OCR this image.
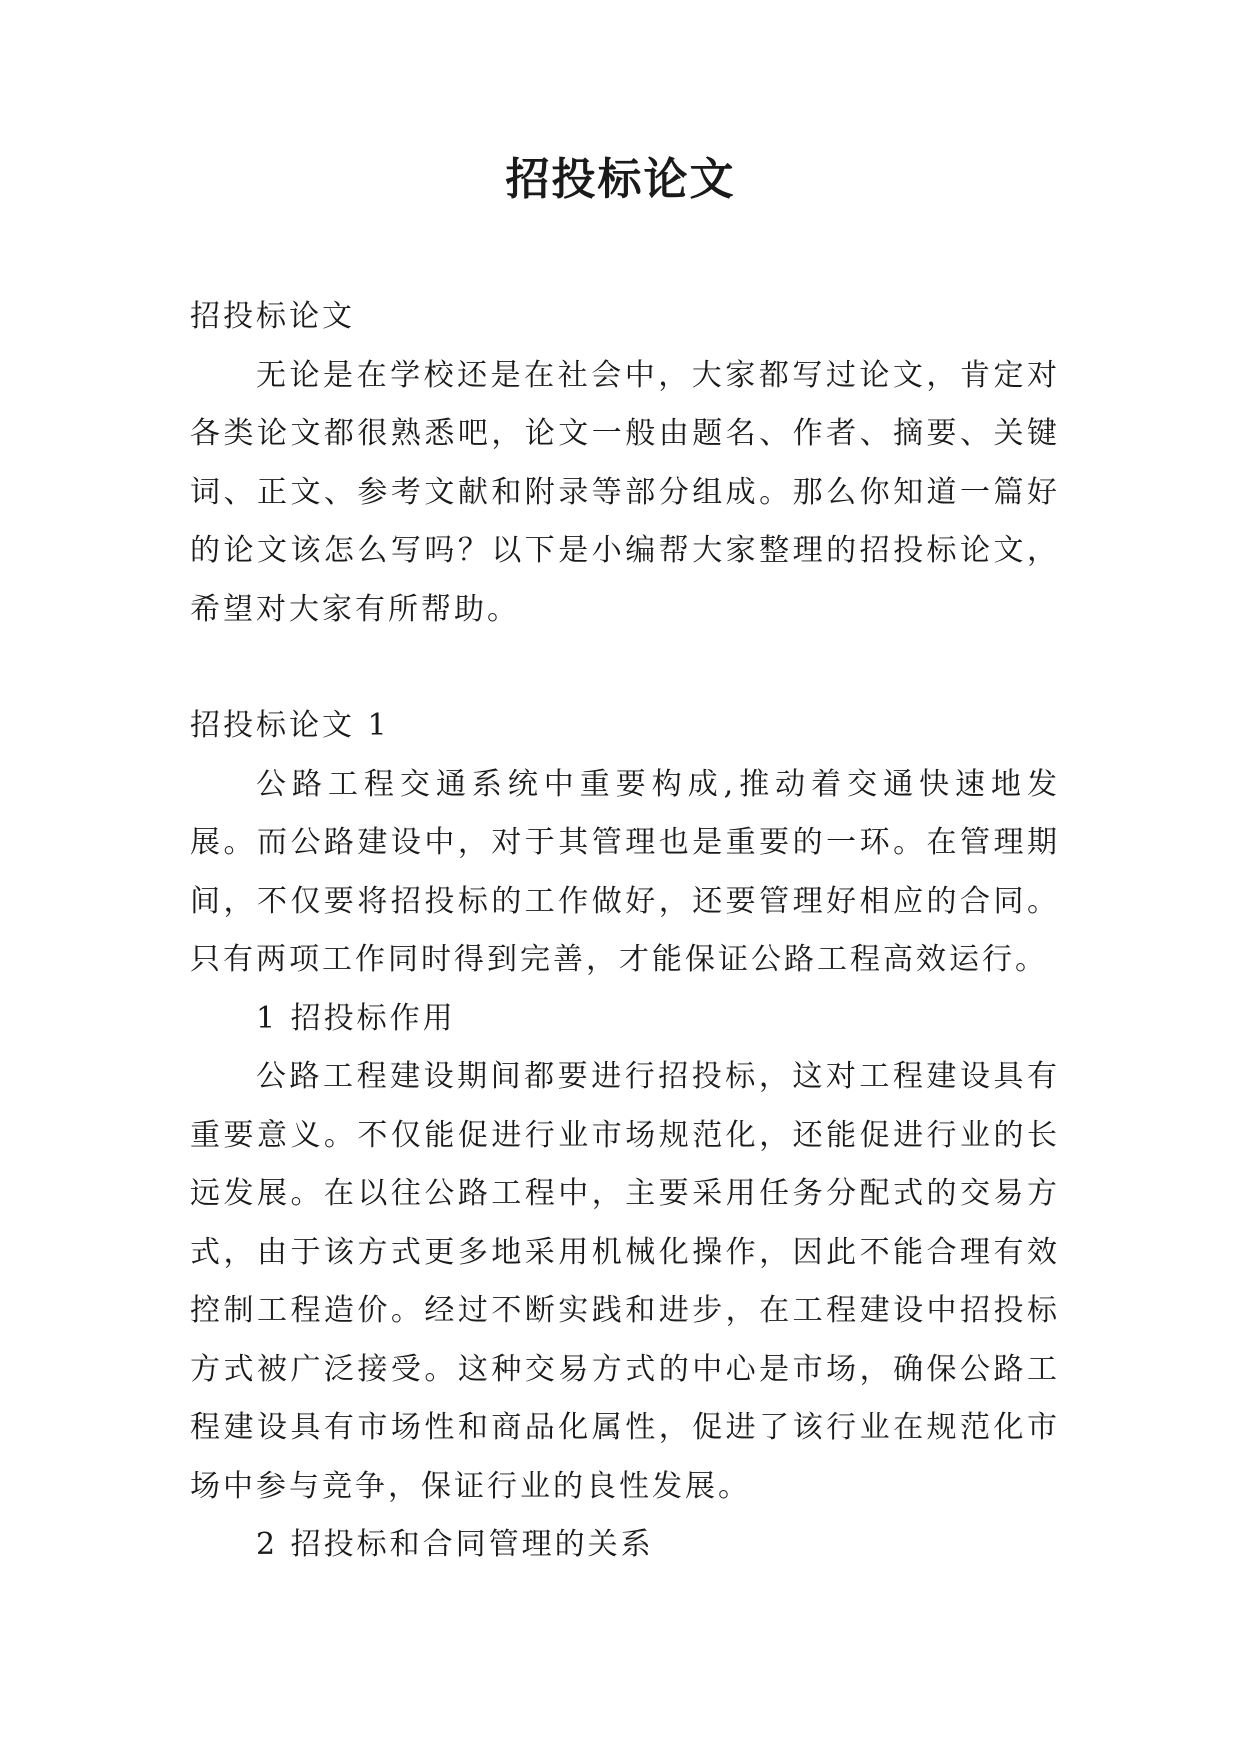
招投标论文

招投标论文

无论是在学校还是在社会中，大家都写过论文，肯定对各类论文都很熟悉吧，论文一般由题名、作者、摘要、关键词、正文、参考文献和附录等部分组成。那么你知道一篇好的论文该怎么写吗？以下是小编帮大家整理的招投标论文，希望对大家有所帮助。

招投标论文 1

公路工程交通系统中重要构成,推动着交通快速地发展。而公路建设中，对于其管理也是重要的一环。在管理期间，不仅要将招投标的工作做好，还要管理好相应的合同。只有两项工作同时得到完善，才能保证公路工程高效运行。

1 招投标作用

公路工程建设期间都要进行招投标，这对工程建设具有重要意义。不仅能促进行业市场规范化，还能促进行业的长远发展。在以往公路工程中，主要采用任务分配式的交易方式，由于该方式更多地采用机械化操作，因此不能合理有效控制工程造价。经过不断实践和进步，在工程建设中招投标方式被广泛接受。这种交易方式的中心是市场，确保公路工程建设具有市场性和商品化属性，促进了该行业在规范化市场中参与竞争，保证行业的良性发展。

2 招投标和合同管理的关系
